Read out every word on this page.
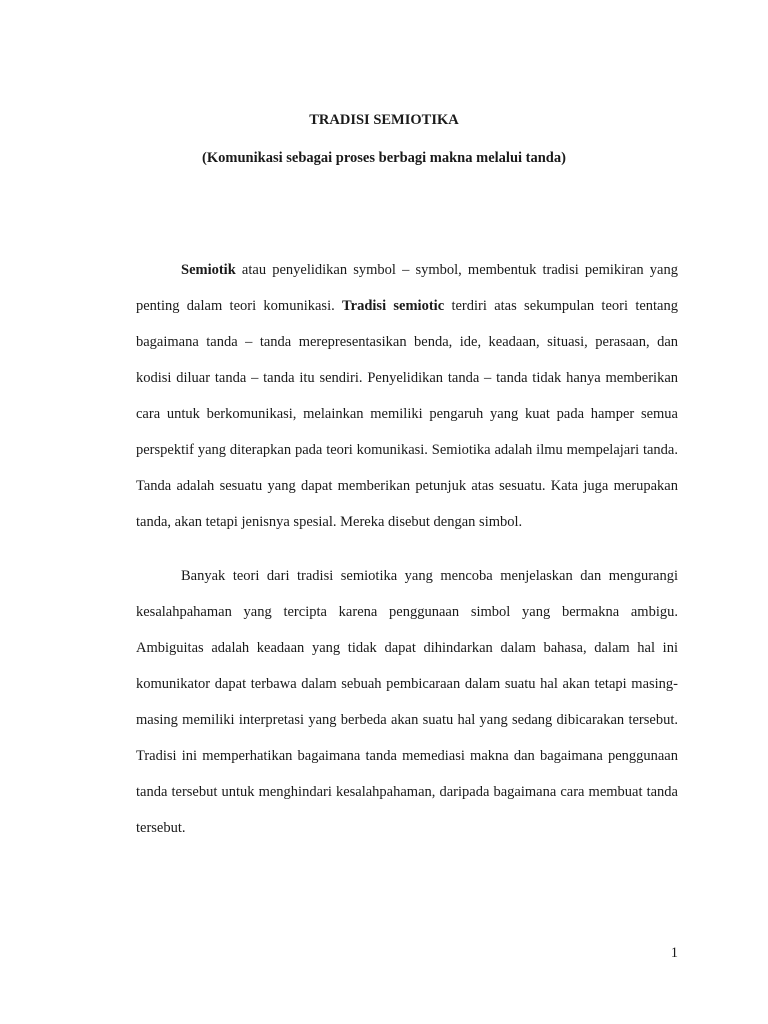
TRADISI SEMIOTIKA
(Komunikasi sebagai proses berbagi makna melalui tanda)

Semiotik atau penyelidikan symbol – symbol, membentuk tradisi pemikiran yang penting dalam teori komunikasi. Tradisi semiotic terdiri atas sekumpulan teori tentang bagaimana tanda – tanda merepresentasikan benda, ide, keadaan, situasi, perasaan, dan kodisi diluar tanda – tanda itu sendiri. Penyelidikan tanda – tanda tidak hanya memberikan cara untuk berkomunikasi, melainkan memiliki pengaruh yang kuat pada hamper semua perspektif yang diterapkan pada teori komunikasi. Semiotika adalah ilmu mempelajari tanda. Tanda adalah sesuatu yang dapat memberikan petunjuk atas sesuatu. Kata juga merupakan tanda, akan tetapi jenisnya spesial. Mereka disebut dengan simbol.

Banyak teori dari tradisi semiotika yang mencoba menjelaskan dan mengurangi kesalahpahaman yang tercipta karena penggunaan simbol yang bermakna ambigu. Ambiguitas adalah keadaan yang tidak dapat dihindarkan dalam bahasa, dalam hal ini komunikator dapat terbawa dalam sebuah pembicaraan dalam suatu hal akan tetapi masing-masing memiliki interpretasi yang berbeda akan suatu hal yang sedang dibicarakan tersebut. Tradisi ini memperhatikan bagaimana tanda memediasi makna dan bagaimana penggunaan tanda tersebut untuk menghindari kesalahpahaman, daripada bagaimana cara membuat tanda tersebut.

1
